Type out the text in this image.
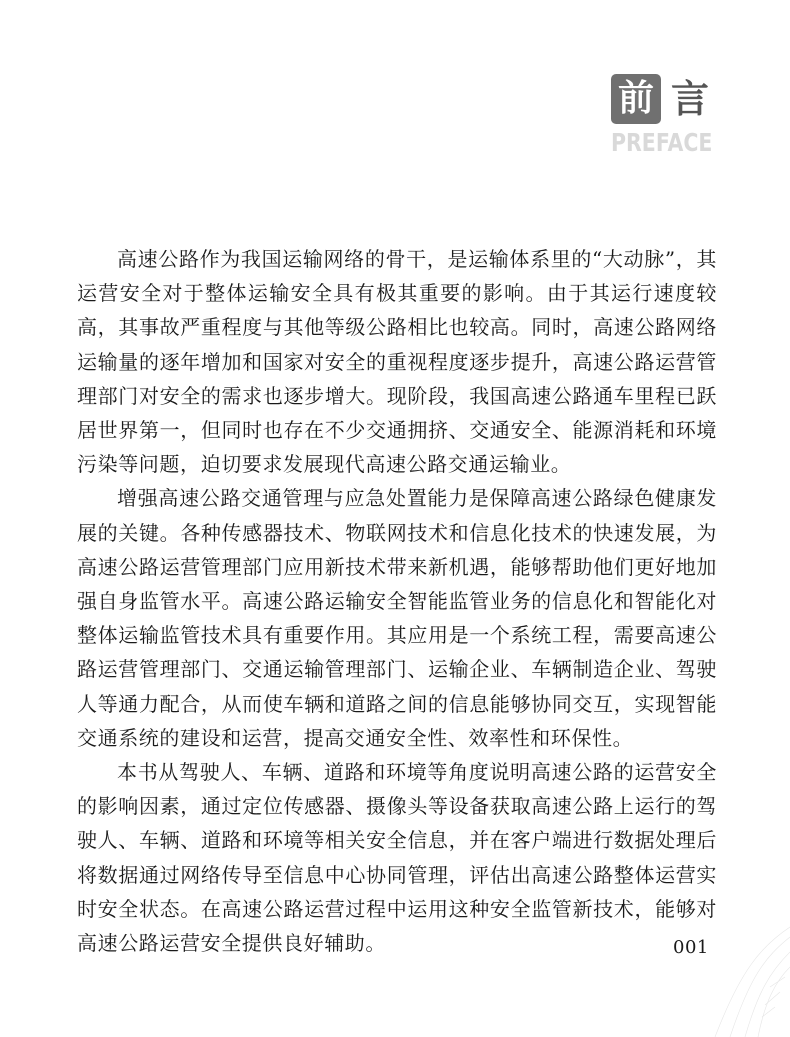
前 言
PREFACE

高速公路作为我国运输网络的骨干，是运输体系里的“大动脉”，其运营安全对于整体运输安全具有极其重要的影响。由于其运行速度较高，其事故严重程度与其他等级公路相比也较高。同时，高速公路网络运输量的逐年增加和国家对安全的重视程度逐步提升，高速公路运营管理部门对安全的需求也逐步增大。现阶段，我国高速公路通车里程已跃居世界第一，但同时也存在不少交通拥挤、交通安全、能源消耗和环境污染等问题，迫切要求发展现代高速公路交通运输业。

增强高速公路交通管理与应急处置能力是保障高速公路绿色健康发展的关键。各种传感器技术、物联网技术和信息化技术的快速发展，为高速公路运营管理部门应用新技术带来新机遇，能够帮助他们更好地加强自身监管水平。高速公路运输安全智能监管业务的信息化和智能化对整体运输监管技术具有重要作用。其应用是一个系统工程，需要高速公路运营管理部门、交通运输管理部门、运输企业、车辆制造企业、驾驶人等通力配合，从而使车辆和道路之间的信息能够协同交互，实现智能交通系统的建设和运营，提高交通安全性、效率性和环保性。

本书从驾驶人、车辆、道路和环境等角度说明高速公路的运营安全的影响因素，通过定位传感器、摄像头等设备获取高速公路上运行的驾驶人、车辆、道路和环境等相关安全信息，并在客户端进行数据处理后将数据通过网络传导至信息中心协同管理，评估出高速公路整体运营实时安全状态。在高速公路运营过程中运用这种安全监管新技术，能够对高速公路运营安全提供良好辅助。	001
